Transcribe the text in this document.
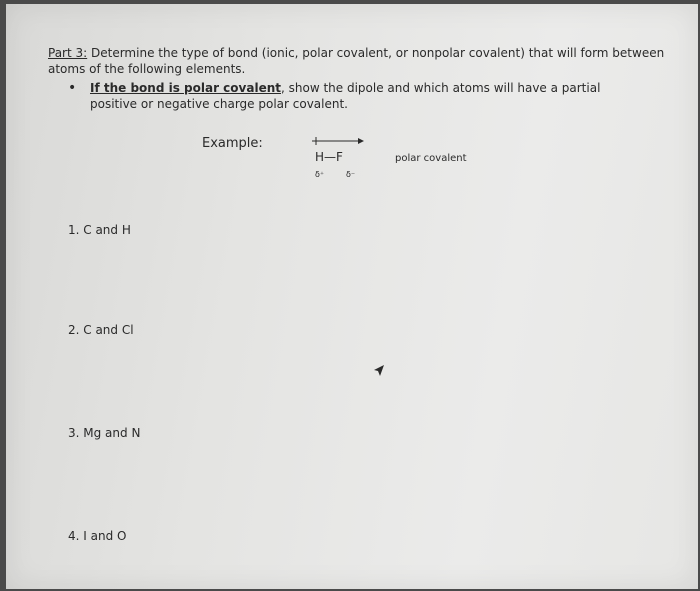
Part 3: Determine the type of bond (ionic, polar covalent, or nonpolar covalent) that will form between atoms of the following elements.
• If the bond is polar covalent, show the dipole and which atoms will have a partial positive or negative charge polar covalent.
Example:
H—F
δ⁺	δ⁻
polar covalent
1. C and H
2. C and Cl
3. Mg and N
4. I and O
